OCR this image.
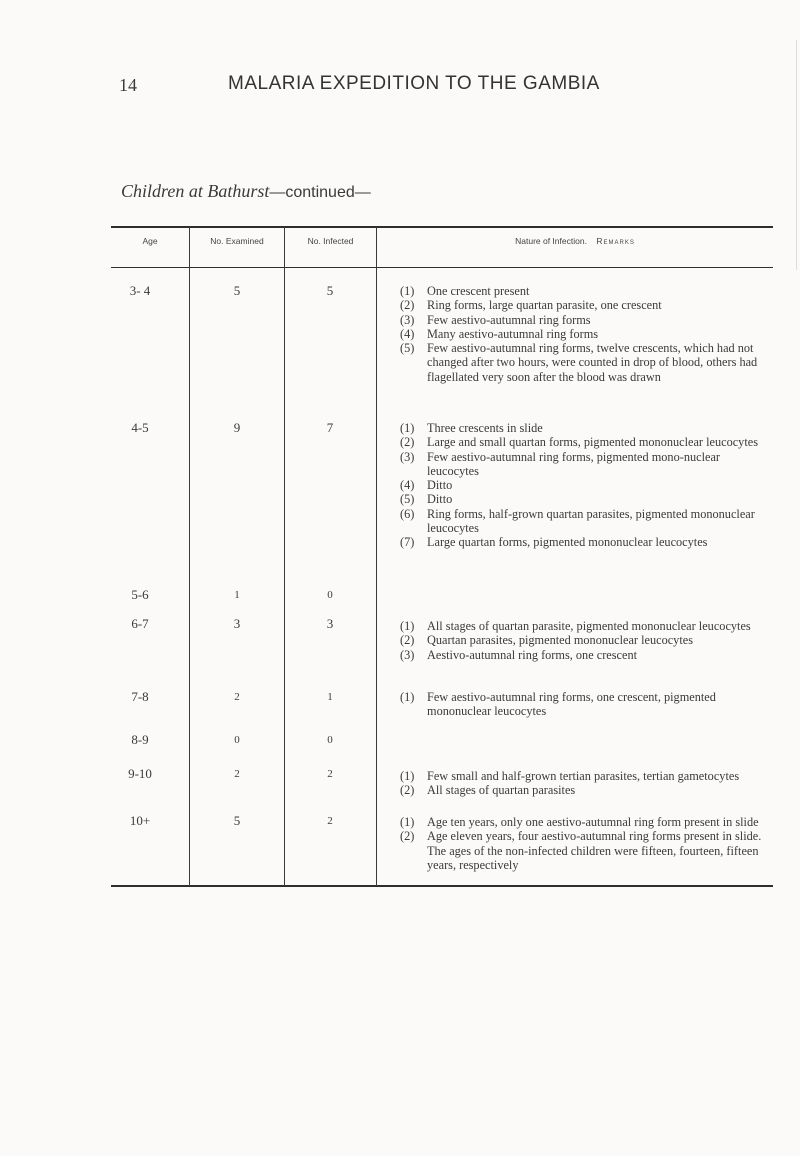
14	MALARIA EXPEDITION TO THE GAMBIA
Children at Bathurst—continued—
Age	No. Examined	No. Infected	Nature of Infection. Remarks
3- 4	5	5	(1) One crescent present
(2) Ring forms, large quartan parasite, one crescent
(3) Few aestivo-autumnal ring forms
(4) Many aestivo-autumnal ring forms
(5) Few aestivo-autumnal ring forms, twelve crescents, which had not changed after two hours, were counted in drop of blood, others had flagellated very soon after the blood was drawn
4-5	9	7	(1) Three crescents in slide
(2) Large and small quartan forms, pigmented mononuclear leucocytes
(3) Few aestivo-autumnal ring forms, pigmented mono-nuclear leucocytes
(4) Ditto
(5) Ditto
(6) Ring forms, half-grown quartan parasites, pigmented mononuclear leucocytes
(7) Large quartan forms, pigmented mononuclear leucocytes
5-6	1	0
6-7	3	3	(1) All stages of quartan parasite, pigmented mononuclear leucocytes
(2) Quartan parasites, pigmented mononuclear leucocytes
(3) Aestivo-autumnal ring forms, one crescent
7-8	2	1	(1) Few aestivo-autumnal ring forms, one crescent, pigmented mononuclear leucocytes
8-9	0	0
9-10	2	2	(1) Few small and half-grown tertian parasites, tertian gametocytes
(2) All stages of quartan parasites
10+	5	2	(1) Age ten years, only one aestivo-autumnal ring form present in slide
(2) Age eleven years, four aestivo-autumnal ring forms present in slide. The ages of the non-infected children were fifteen, fourteen, fifteen years, respectively
